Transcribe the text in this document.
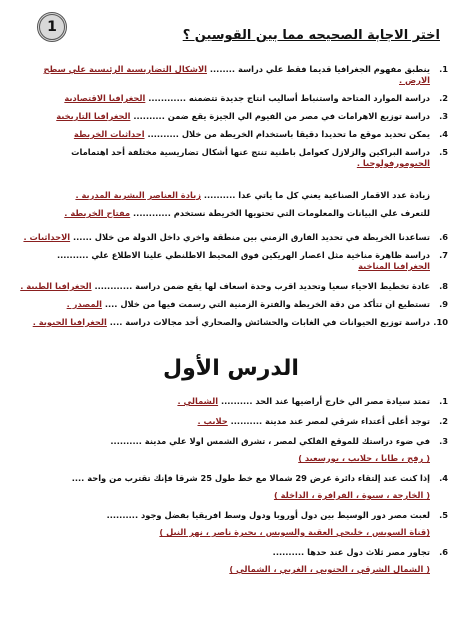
1
اختر الاجابة الصحيحه مما بين القوسين ؟
.1
ينطبق مفهوم الجغرافيا قديما فقط علي دراسة ........ الاشكال التضاريسية الرئيسية علي سطح الارض .
.2
دراسة الموارد المتاحة واستنباط أساليب انتاج جديدة تتضمنه ............ الجغرافيا الاقتصادية
.3
دراسة توزيع الاهرامات في مصر من الفيوم الي الجيزة يقع ضمن .......... الجغرافيا التاريخية
.4
يمكن تحديد موقع ما تحديدا دقيقا باستخدام الخريطة من خلال .......... احداثيات الخريطة
.5
دراسة البراكين والزلازل كعوامل باطنية تنتج عنها أشكال تضاريسية مختلفة أحد اهتمامات الجيومورفولوجيا .
زيادة عدد الاقمار الصناعية يعني كل ما ياتي عدا .......... زيادة العناصر البشرية المدرية .
للتعرف علي البيانات والمعلومات التي تحتويها الخريطة نستخدم ............ مفتاح الخريطة .
.6
تساعدنا الخريطة في تحديد الفارق الزمني بين منطقة واخري داخل الدولة من خلال ...... الاحداثيات .
.7
دراسة ظاهرة مناخية مثل اعصار الهريكين فوق المحيط الاطلنطي علينا الاطلاع علي .......... الجغرافيا المناخية
.8
عادة تخطيط الاحياء سعيا وتحديد اقرب وحدة اسعاف لها يقع ضمن دراسة ............ الجغرافيا الطبية .
.9
تستطيع ان تتأكد من دقة الخريطة والفترة الزمنية التي رسمت فيها من خلال .... المصدر .
.10
دراسة توزيع الحيوانات في الغابات والحشائش والصحاري أحد مجالات دراسة .... الجغرافيا الحيوية .
الدرس الأول
.1
تمتد سيادة مصر الي خارج أراضيها عند الحد .......... الشمالي .
.2
توجد أعلى أعتداء شرقي لمصر عند مدينة .......... حلايب .
.3
في ضوء دراستك للموقع الفلكي لمصر ، تشرق الشمس اولا علي مدينة ..........
( رفح ، طابا ، حلايب ، بورسعيد )
.4
إذا كنت عند إلتقاء دائرة عرض 29 شمالا مع خط طول 25 شرقا فإنك تقترب من واحة ....
( الخارجة ، سيوة ، الفرافرة ، الداخلة )
.5
لعبت مصر دور الوسيط بين دول أوروبا ودول وسط افريقيا بفضل وجود ..........
(قناة السويس ، خليجي العقبة والسويس ، بحيرة ناصر ، نهر النيل )
.6
تجاور مصر ثلاث دول عند حدها ..........
( الشمال الشرقي ، الجنوبي ، الغربي ، الشمالي )
